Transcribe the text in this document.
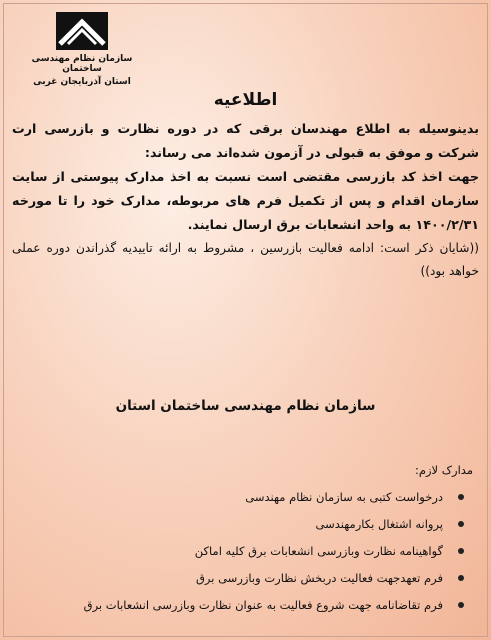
سازمان نظام مهندسی ساختمان
استان آذربایجان غربی
اطلاعیه

بدینوسیله به اطلاع مهندسان برقی که در دوره نظارت و بازرسی ارت شرکت و موفق به قبولی در آزمون شده‌اند می رساند:

جهت اخذ کد بازرسی مقتضی است نسبت به اخذ مدارک پیوستی از سایت سازمان اقدام و پس از تکمیل فرم های مربوطه، مدارک خود را تا مورخه ۱۴۰۰/۲/۳۱ به واحد انشعابات برق ارسال نمایند.

((شایان ذکر است: ادامه فعالیت بازرسین ، مشروط به ارائه تاییدیه گذراندن دوره عملی خواهد بود))

سازمان نظام مهندسی ساختمان استان
مدارک لازم:
درخواست کتبی به سازمان نظام مهندسی
پروانه اشتغال بکارمهندسی
گواهینامه نظارت وبازرسی انشعابات برق کلیه اماکن
فرم تعهدجهت فعالیت دربخش نظارت وبازرسی برق
فرم تقاضانامه جهت شروع فعالیت به عنوان نظارت وبازرسی انشعابات برق
